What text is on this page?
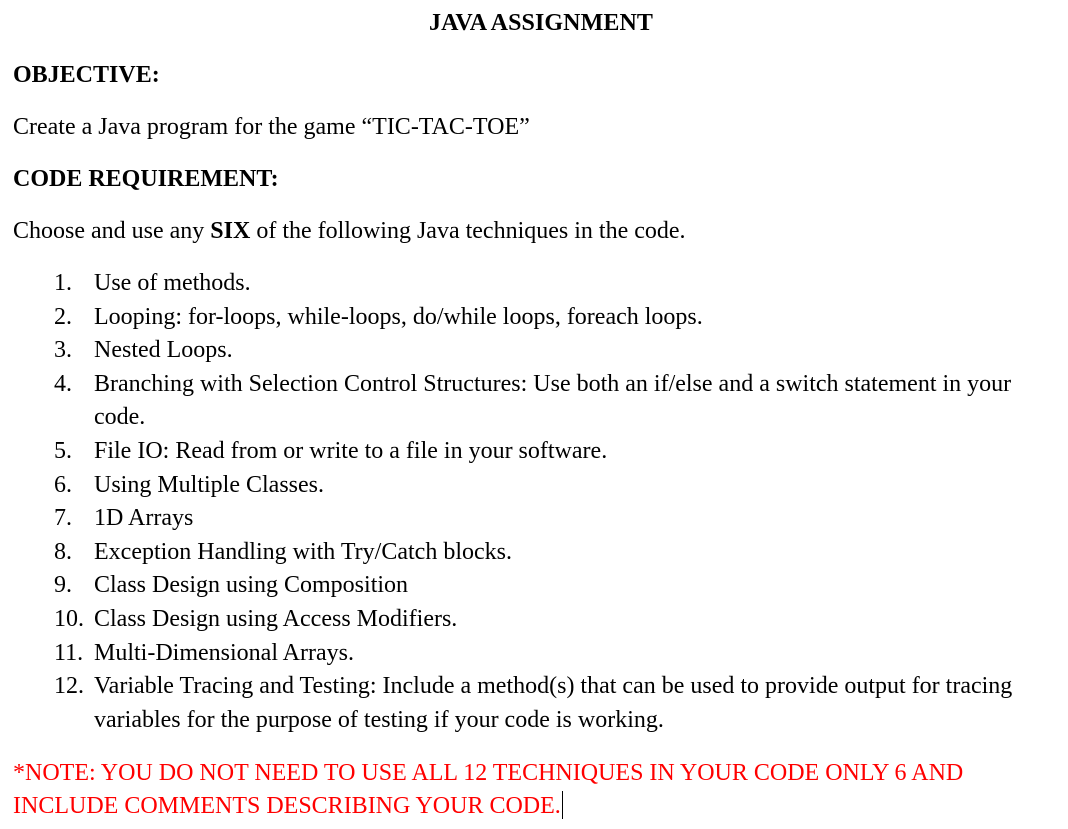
JAVA ASSIGNMENT
OBJECTIVE:
Create a Java program for the game “TIC-TAC-TOE”
CODE REQUIREMENT:
Choose and use any SIX of the following Java techniques in the code.
1. Use of methods.
2. Looping: for-loops, while-loops, do/while loops, foreach loops.
3. Nested Loops.
4. Branching with Selection Control Structures: Use both an if/else and a switch statement in your code.
5. File IO: Read from or write to a file in your software.
6. Using Multiple Classes.
7. 1D Arrays
8. Exception Handling with Try/Catch blocks.
9. Class Design using Composition
10. Class Design using Access Modifiers.
11. Multi-Dimensional Arrays.
12. Variable Tracing and Testing: Include a method(s) that can be used to provide output for tracing variables for the purpose of testing if your code is working.
*NOTE: YOU DO NOT NEED TO USE ALL 12 TECHNIQUES IN YOUR CODE ONLY 6 AND INCLUDE COMMENTS DESCRIBING YOUR CODE.
